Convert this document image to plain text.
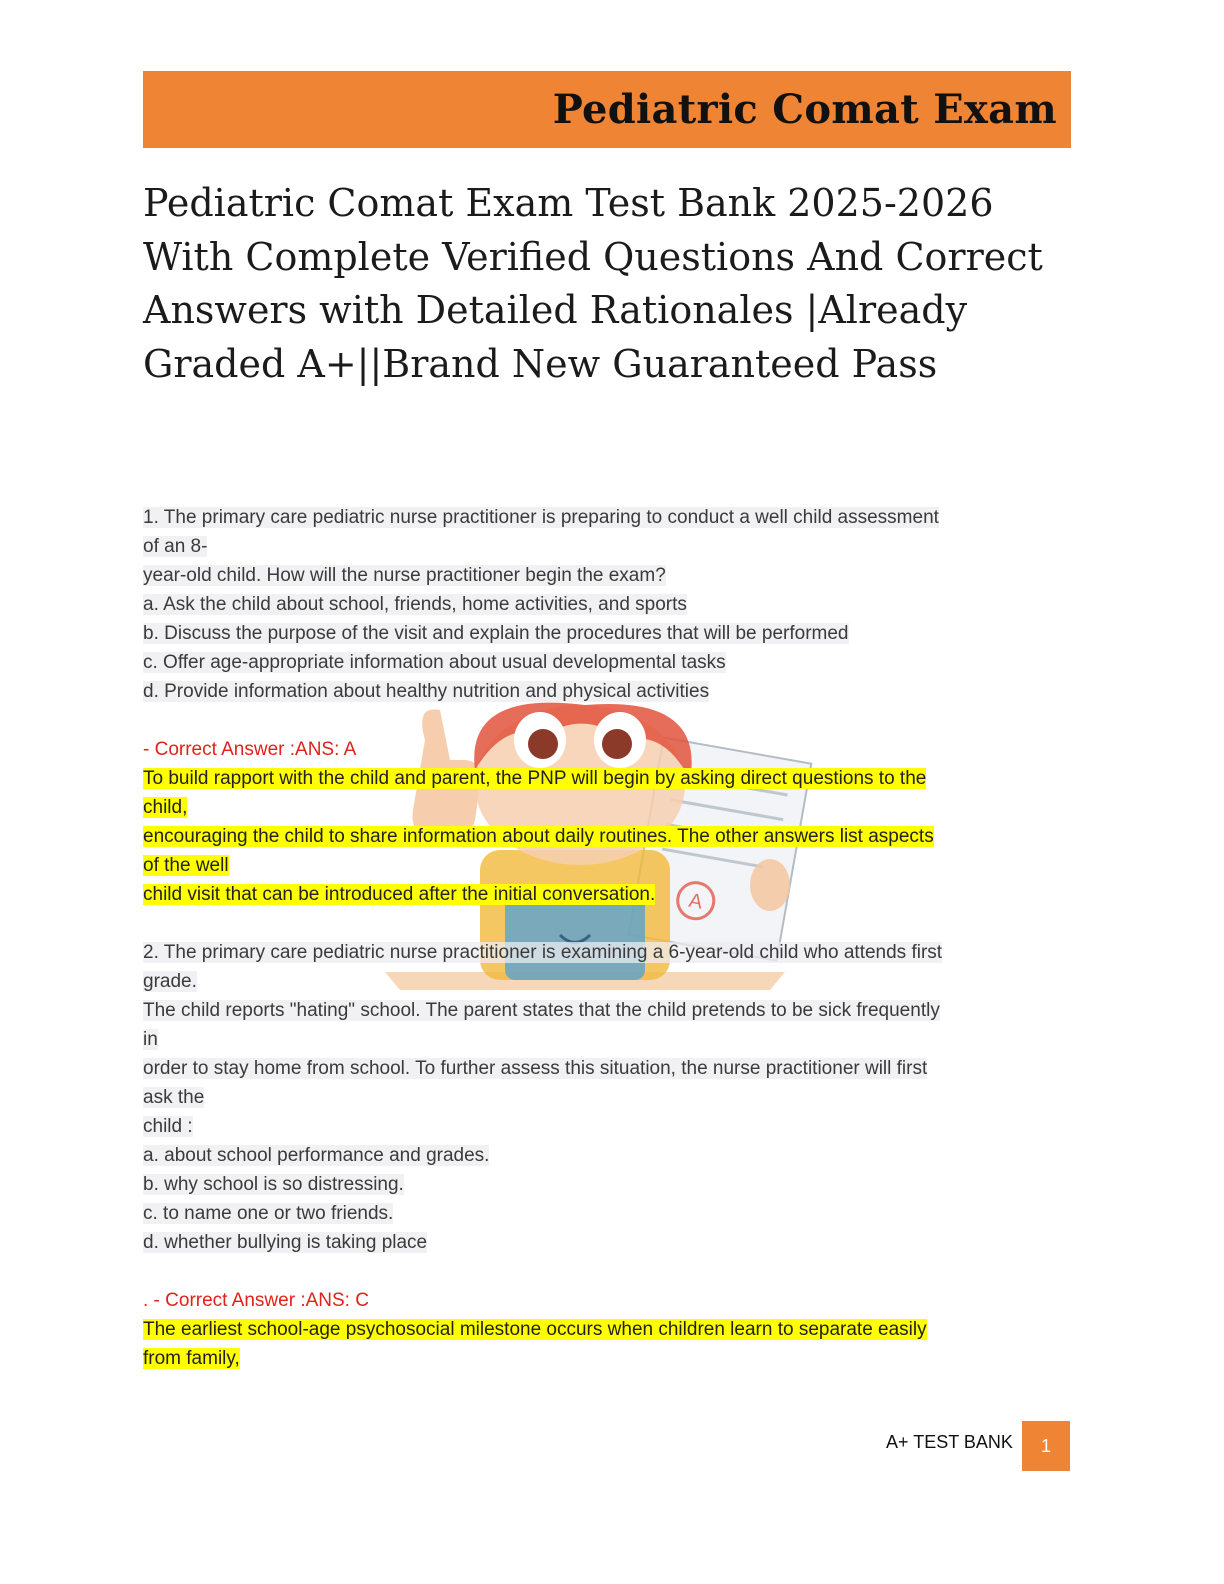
Pediatric Comat Exam
Pediatric Comat Exam Test Bank 2025-2026
With Complete Verified Questions And Correct
Answers with Detailed Rationales |Already
Graded A+||Brand New Guaranteed Pass
A
1. The primary care pediatric nurse practitioner is preparing to conduct a well child assessment
of an 8-
year-old child. How will the nurse practitioner begin the exam?
a. Ask the child about school, friends, home activities, and sports
b. Discuss the purpose of the visit and explain the procedures that will be performed
c. Offer age-appropriate information about usual developmental tasks
d. Provide information about healthy nutrition and physical activities
- Correct Answer :ANS: A
To build rapport with the child and parent, the PNP will begin by asking direct questions to the
child,
encouraging the child to share information about daily routines. The other answers list aspects
of the well
child visit that can be introduced after the initial conversation.
2. The primary care pediatric nurse practitioner is examining a 6-year-old child who attends first
grade.
The child reports "hating" school. The parent states that the child pretends to be sick frequently
in
order to stay home from school. To further assess this situation, the nurse practitioner will first
ask the
child :
a. about school performance and grades.
b. why school is so distressing.
c. to name one or two friends.
d. whether bullying is taking place
. - Correct Answer :ANS: C
The earliest school-age psychosocial milestone occurs when children learn to separate easily
from family,
A+ TEST BANK	1
